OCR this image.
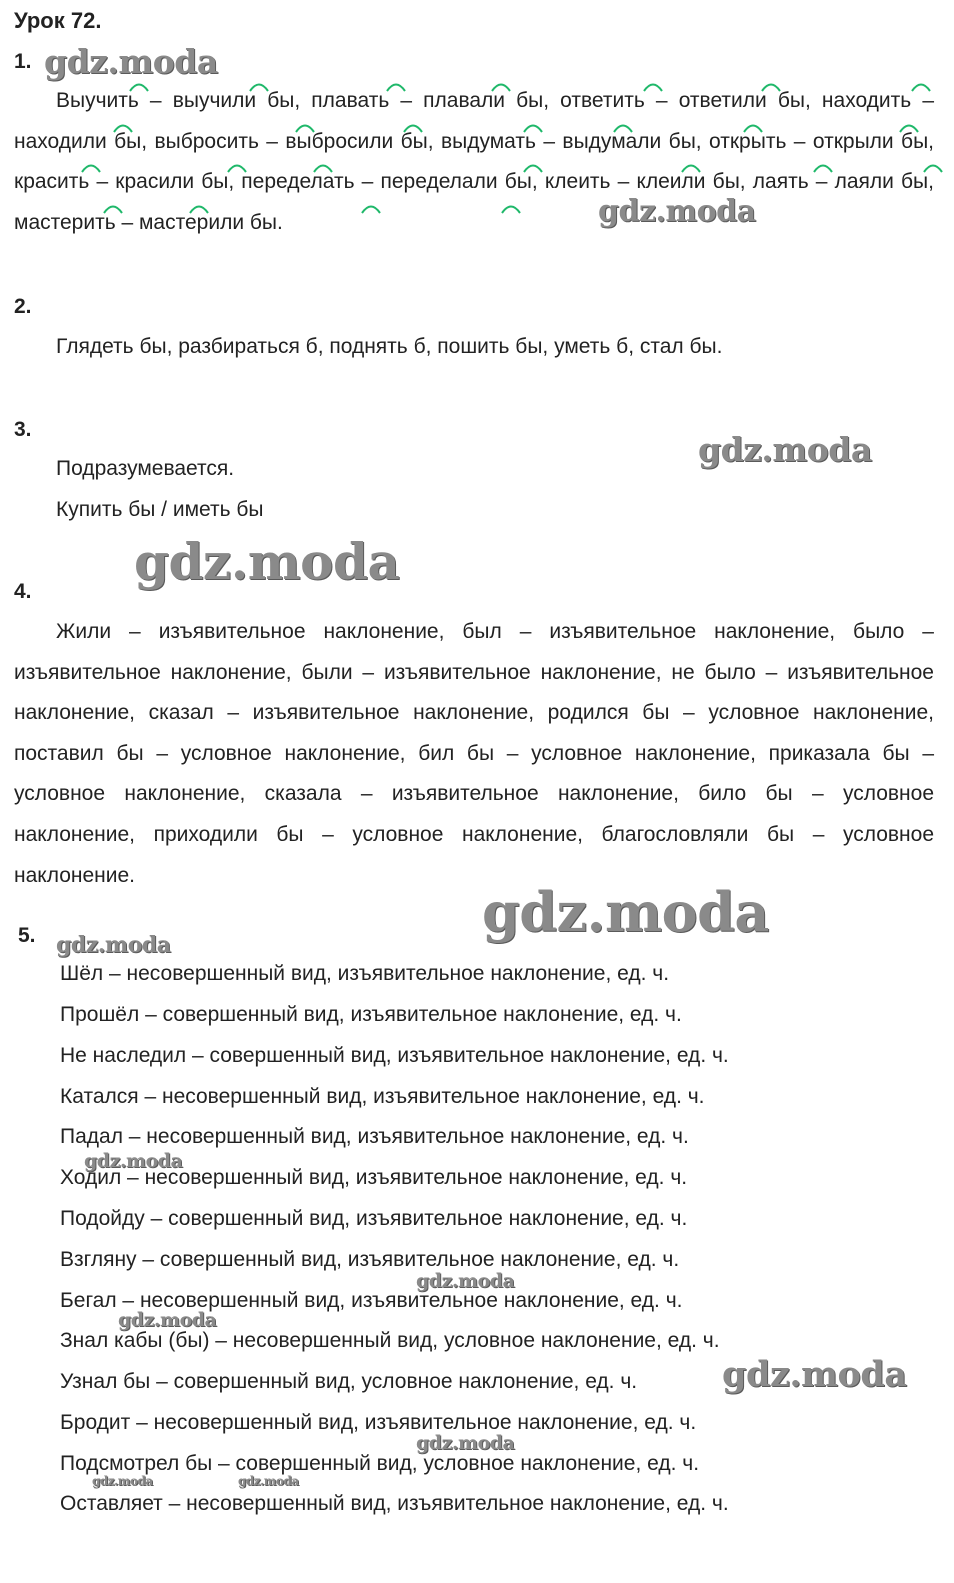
Урок 72.
1.

Выучить – выучили бы, плавать – плавали бы, ответить – ответили бы, находить – находили бы, выбросить – выбросили бы, выдумать – выдумали бы, открыть – открыли бы, красить – красили бы, переделать – переделали бы, клеить – клеили бы, лаять – лаяли бы, мастерить – мастерили бы.

2.
Глядеть бы, разбираться б, поднять б, пошить бы, уметь б, стал бы.
3.
Подразумевается.
Купить бы / иметь бы
4.

Жили – изъявительное наклонение, был – изъявительное наклонение, было – изъявительное наклонение, были – изъявительное наклонение, не было – изъявительное наклонение, сказал – изъявительное наклонение, родился бы – условное наклонение, поставил бы – условное наклонение, бил бы – условное наклонение, приказала бы – условное наклонение, сказала – изъявительное наклонение, било бы – условное наклонение, приходили бы – условное наклонение, благословляли бы – условное наклонение.

5.
Шёл – несовершенный вид, изъявительное наклонение, ед. ч.
Прошёл – совершенный вид, изъявительное наклонение, ед. ч.
Не наследил – совершенный вид, изъявительное наклонение, ед. ч.
Катался – несовершенный вид, изъявительное наклонение, ед. ч.
Падал – несовершенный вид, изъявительное наклонение, ед. ч.
Ходил – несовершенный вид, изъявительное наклонение, ед. ч.
Подойду – совершенный вид, изъявительное наклонение, ед. ч.
Взгляну – совершенный вид, изъявительное наклонение, ед. ч.
Бегал – несовершенный вид, изъявительное наклонение, ед. ч.
Знал кабы (бы) – несовершенный вид, условное наклонение, ед. ч.
Узнал бы – совершенный вид, условное наклонение, ед. ч.
Бродит – несовершенный вид, изъявительное наклонение, ед. ч.
Подсмотрел бы – совершенный вид, условное наклонение, ед. ч.
Оставляет – несовершенный вид, изъявительное наклонение, ед. ч.
gdz.moda
gdz.moda
gdz.moda
gdz.moda
gdz.moda
gdz.moda
gdz.moda
gdz.moda
gdz.moda
gdz.moda
gdz.moda
gdz.moda	gdz.moda
